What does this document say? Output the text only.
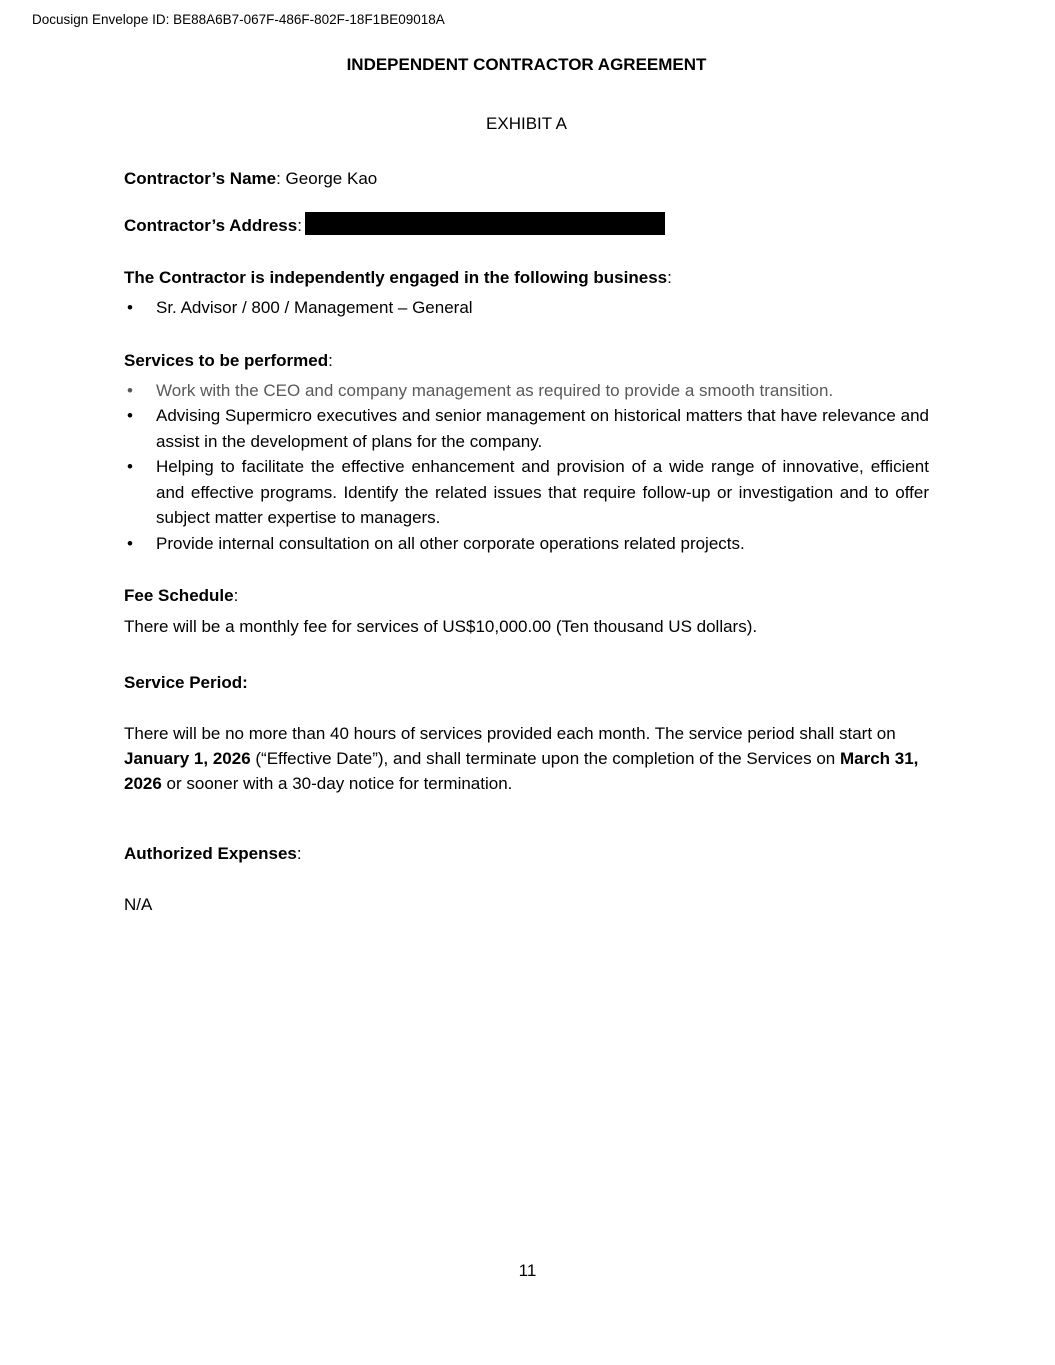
Docusign Envelope ID: BE88A6B7-067F-486F-802F-18F1BE09018A
INDEPENDENT CONTRACTOR AGREEMENT
EXHIBIT A

Contractor’s Name: George Kao

Contractor’s Address:

The Contractor is independently engaged in the following business:

• Sr. Advisor / 800 / Management – General

Services to be performed:

• Work with the CEO and company management as required to provide a smooth transition.
• Advising Supermicro executives and senior management on historical matters that have relevance and assist in the development of plans for the company.
• Helping to facilitate the effective enhancement and provision of a wide range of innovative, efficient and effective programs. Identify the related issues that require follow-up or investigation and to offer subject matter expertise to managers.
• Provide internal consultation on all other corporate operations related projects.

Fee Schedule:

There will be a monthly fee for services of US$10,000.00 (Ten thousand US dollars).

Service Period:

There will be no more than 40 hours of services provided each month. The service period shall start on January 1, 2026 (“Effective Date”), and shall terminate upon the completion of the Services on March 31, 2026 or sooner with a 30-day notice for termination.

Authorized Expenses:

N/A

11
